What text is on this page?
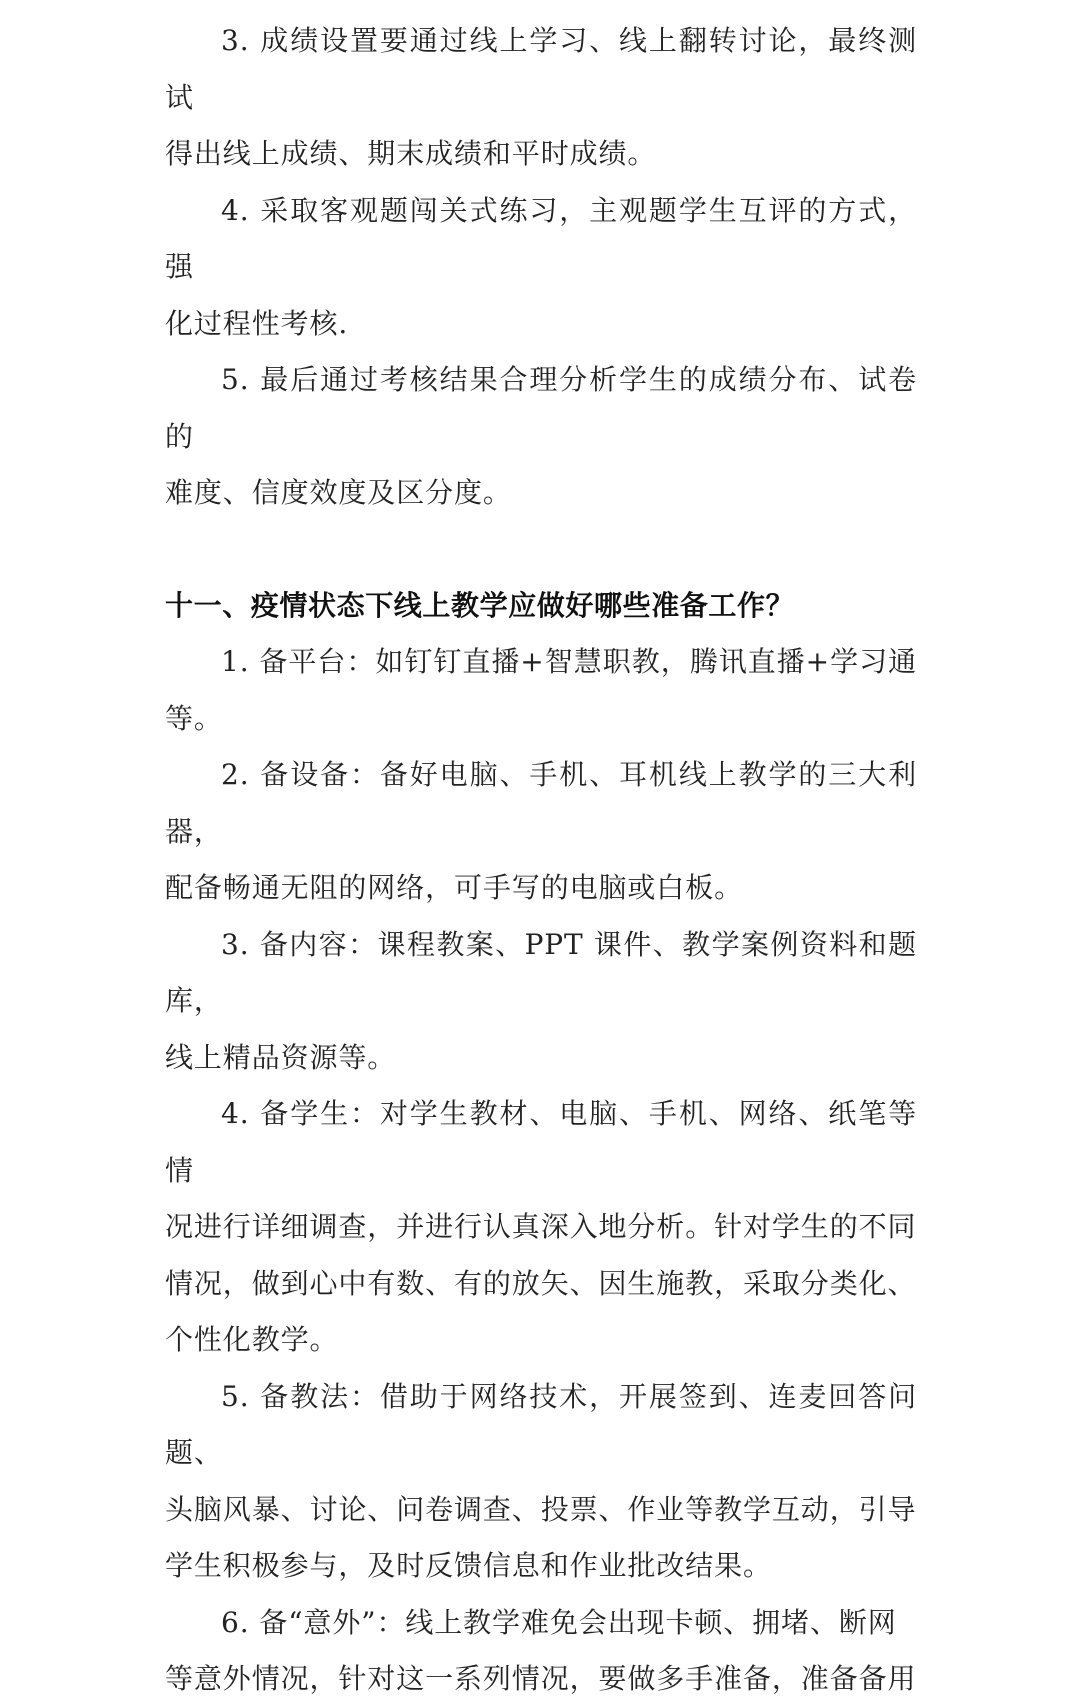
3. 成绩设置要通过线上学习、线上翻转讨论，最终测试

得出线上成绩、期末成绩和平时成绩。

4. 采取客观题闯关式练习，主观题学生互评的方式，强

化过程性考核.

5. 最后通过考核结果合理分析学生的成绩分布、试卷的

难度、信度效度及区分度。

十一、疫情状态下线上教学应做好哪些准备工作？

1. 备平台：如钉钉直播+智慧职教，腾讯直播+学习通等。

2. 备设备：备好电脑、手机、耳机线上教学的三大利器，

配备畅通无阻的网络，可手写的电脑或白板。

3. 备内容：课程教案、PPT 课件、教学案例资料和题库，

线上精品资源等。

4. 备学生：对学生教材、电脑、手机、网络、纸笔等情

况进行详细调查，并进行认真深入地分析。针对学生的不同

情况，做到心中有数、有的放矢、因生施教，采取分类化、

个性化教学。

5. 备教法：借助于网络技术，开展签到、连麦回答问题、

头脑风暴、讨论、问卷调查、投票、作业等教学互动，引导

学生积极参与，及时反馈信息和作业批改结果。

6. 备“意外”：线上教学难免会出现卡顿、拥堵、断网

等意外情况，针对这一系列情况，要做多手准备，准备备用
